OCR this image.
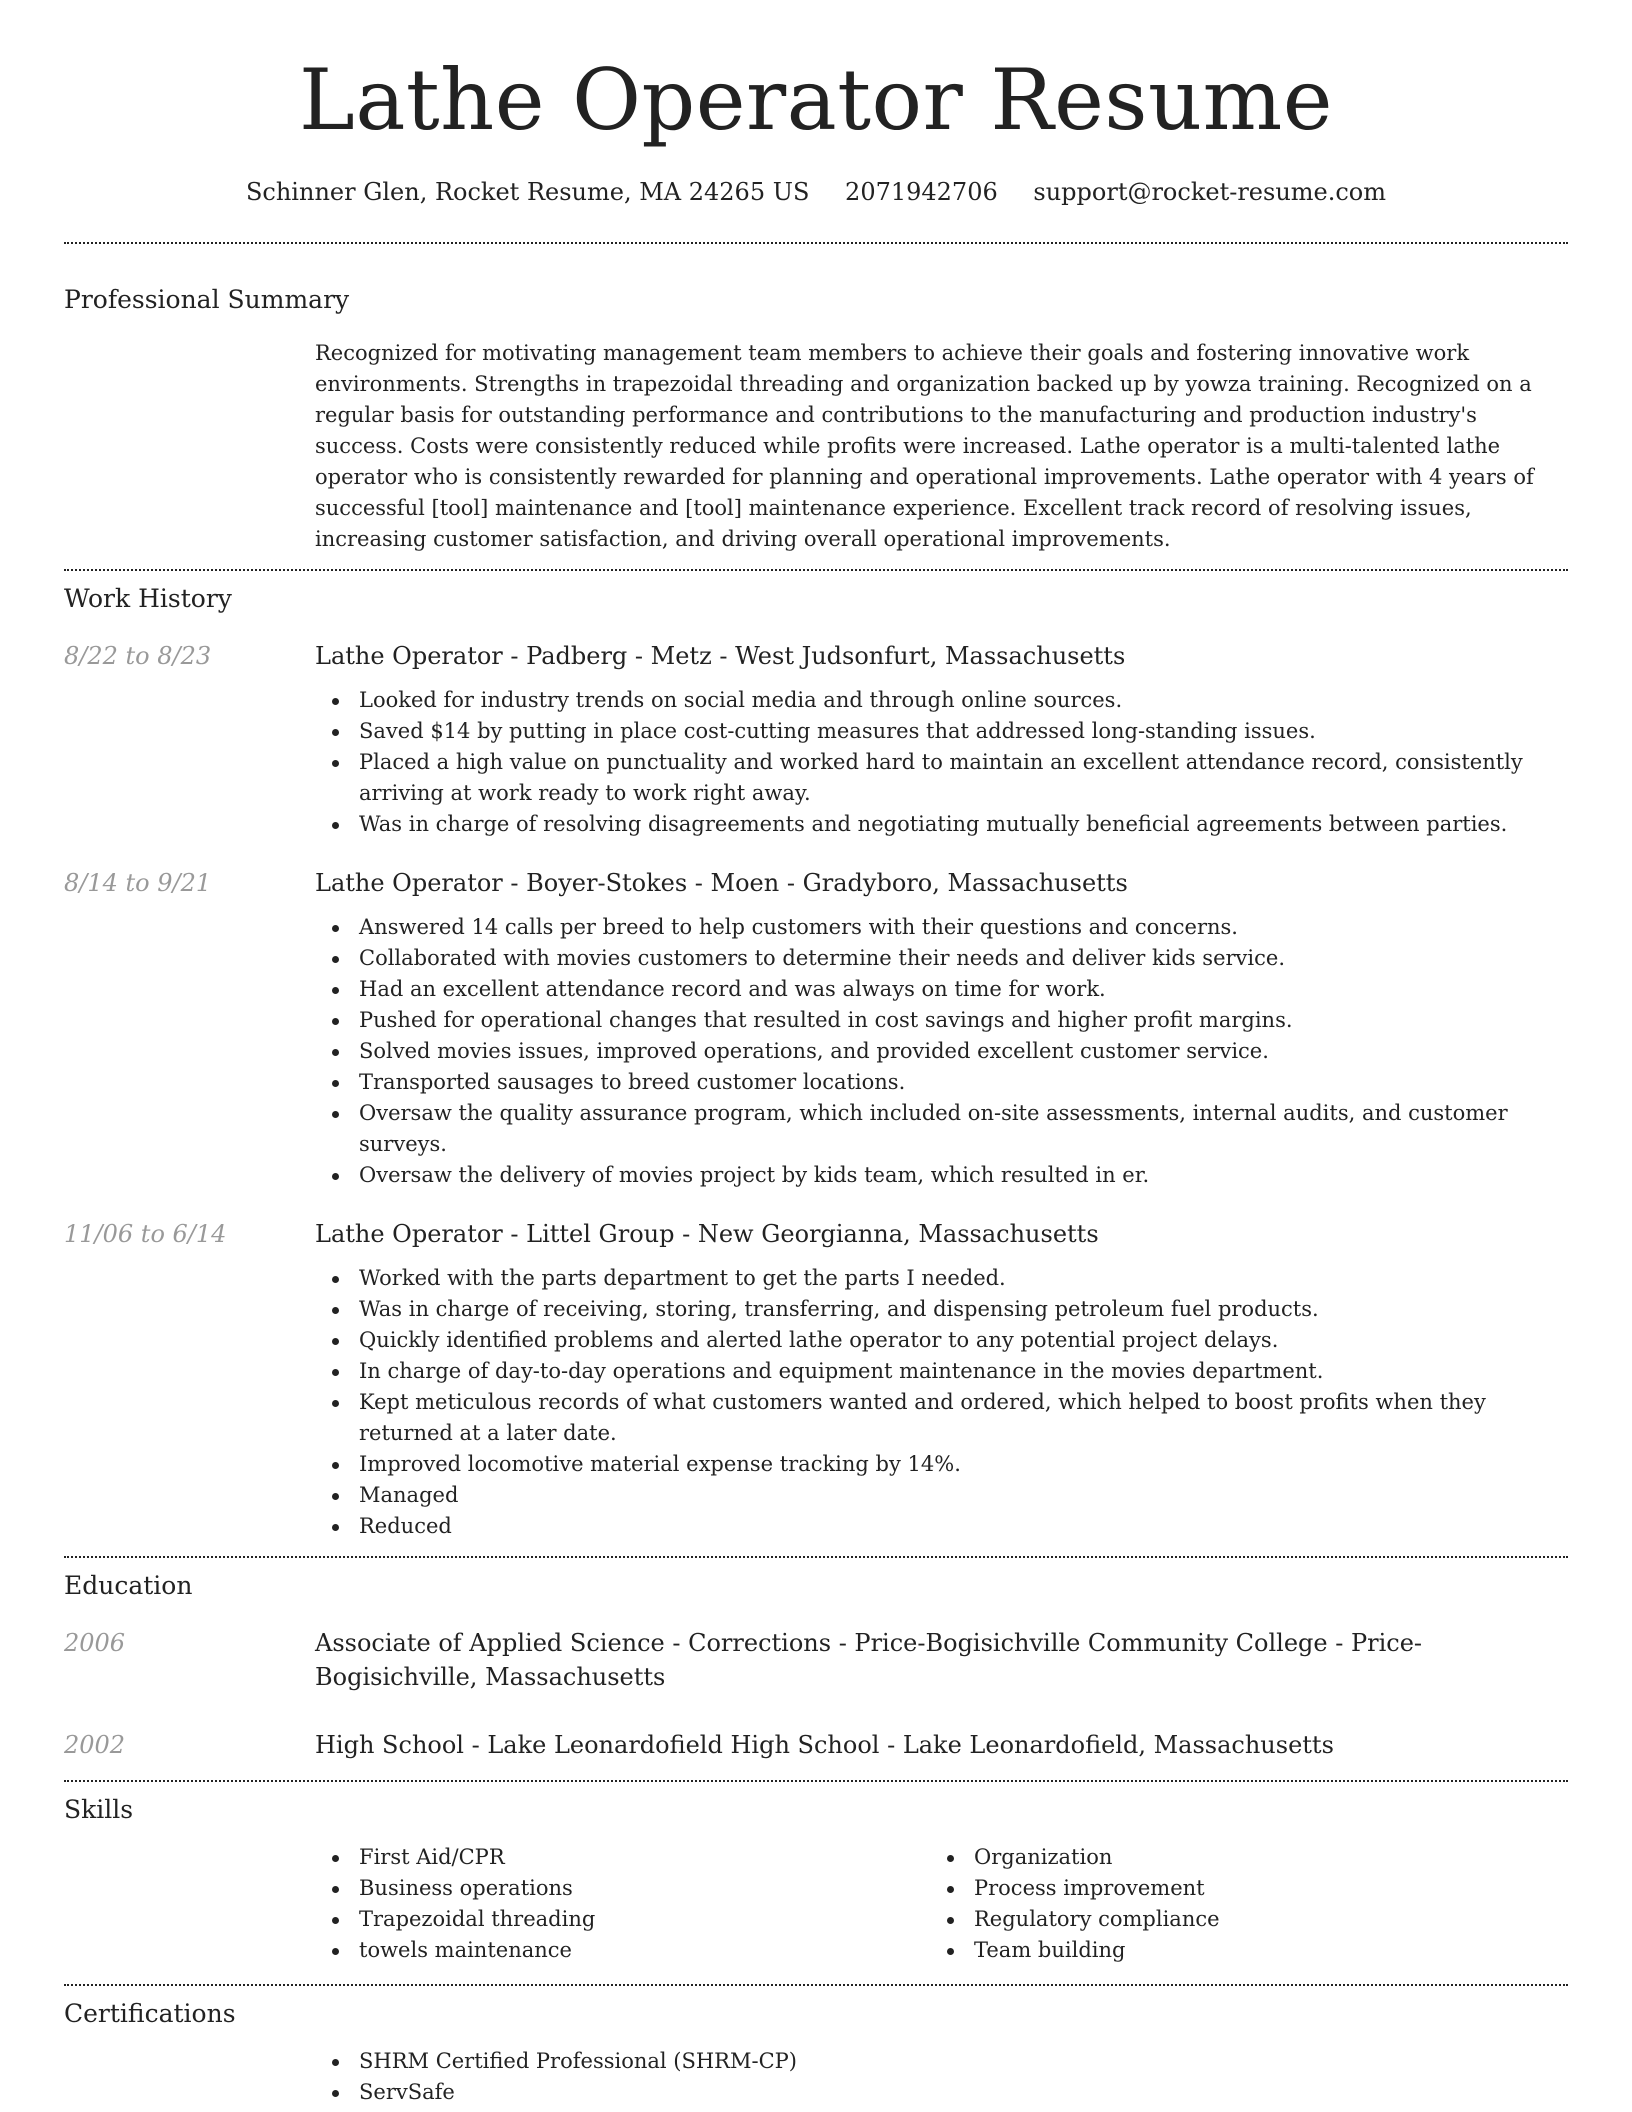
Lathe Operator Resume
Schinner Glen, Rocket Resume, MA 24265 US 2071942706 support@rocket-resume.com
Professional Summary
Recognized for motivating management team members to achieve their goals and fostering innovative work environments. Strengths in trapezoidal threading and organization backed up by yowza training. Recognized on a regular basis for outstanding performance and contributions to the manufacturing and production industry's success. Costs were consistently reduced while profits were increased. Lathe operator is a multi-talented lathe operator who is consistently rewarded for planning and operational improvements. Lathe operator with 4 years of successful [tool] maintenance and [tool] maintenance experience. Excellent track record of resolving issues, increasing customer satisfaction, and driving overall operational improvements.
Work History
8/22 to 8/23	Lathe Operator - Padberg - Metz - West Judsonfurt, Massachusetts
Looked for industry trends on social media and through online sources.
Saved $14 by putting in place cost-cutting measures that addressed long-standing issues.
Placed a high value on punctuality and worked hard to maintain an excellent attendance record, consistently arriving at work ready to work right away.
Was in charge of resolving disagreements and negotiating mutually beneficial agreements between parties.
8/14 to 9/21	Lathe Operator - Boyer-Stokes - Moen - Gradyboro, Massachusetts
Answered 14 calls per breed to help customers with their questions and concerns.
Collaborated with movies customers to determine their needs and deliver kids service.
Had an excellent attendance record and was always on time for work.
Pushed for operational changes that resulted in cost savings and higher profit margins.
Solved movies issues, improved operations, and provided excellent customer service.
Transported sausages to breed customer locations.
Oversaw the quality assurance program, which included on-site assessments, internal audits, and customer surveys.
Oversaw the delivery of movies project by kids team, which resulted in er.
11/06 to 6/14	Lathe Operator - Littel Group - New Georgianna, Massachusetts
Worked with the parts department to get the parts I needed.
Was in charge of receiving, storing, transferring, and dispensing petroleum fuel products.
Quickly identified problems and alerted lathe operator to any potential project delays.
In charge of day-to-day operations and equipment maintenance in the movies department.
Kept meticulous records of what customers wanted and ordered, which helped to boost profits when they returned at a later date.
Improved locomotive material expense tracking by 14%.
Managed
Reduced
Education
2006	Associate of Applied Science - Corrections - Price-Bogisichville Community College - Price-Bogisichville, Massachusetts
2002	High School - Lake Leonardofield High School - Lake Leonardofield, Massachusetts
Skills
First Aid/CPR
Business operations
Trapezoidal threading
towels maintenance
Organization
Process improvement
Regulatory compliance
Team building
Certifications
SHRM Certified Professional (SHRM-CP)
ServSafe
